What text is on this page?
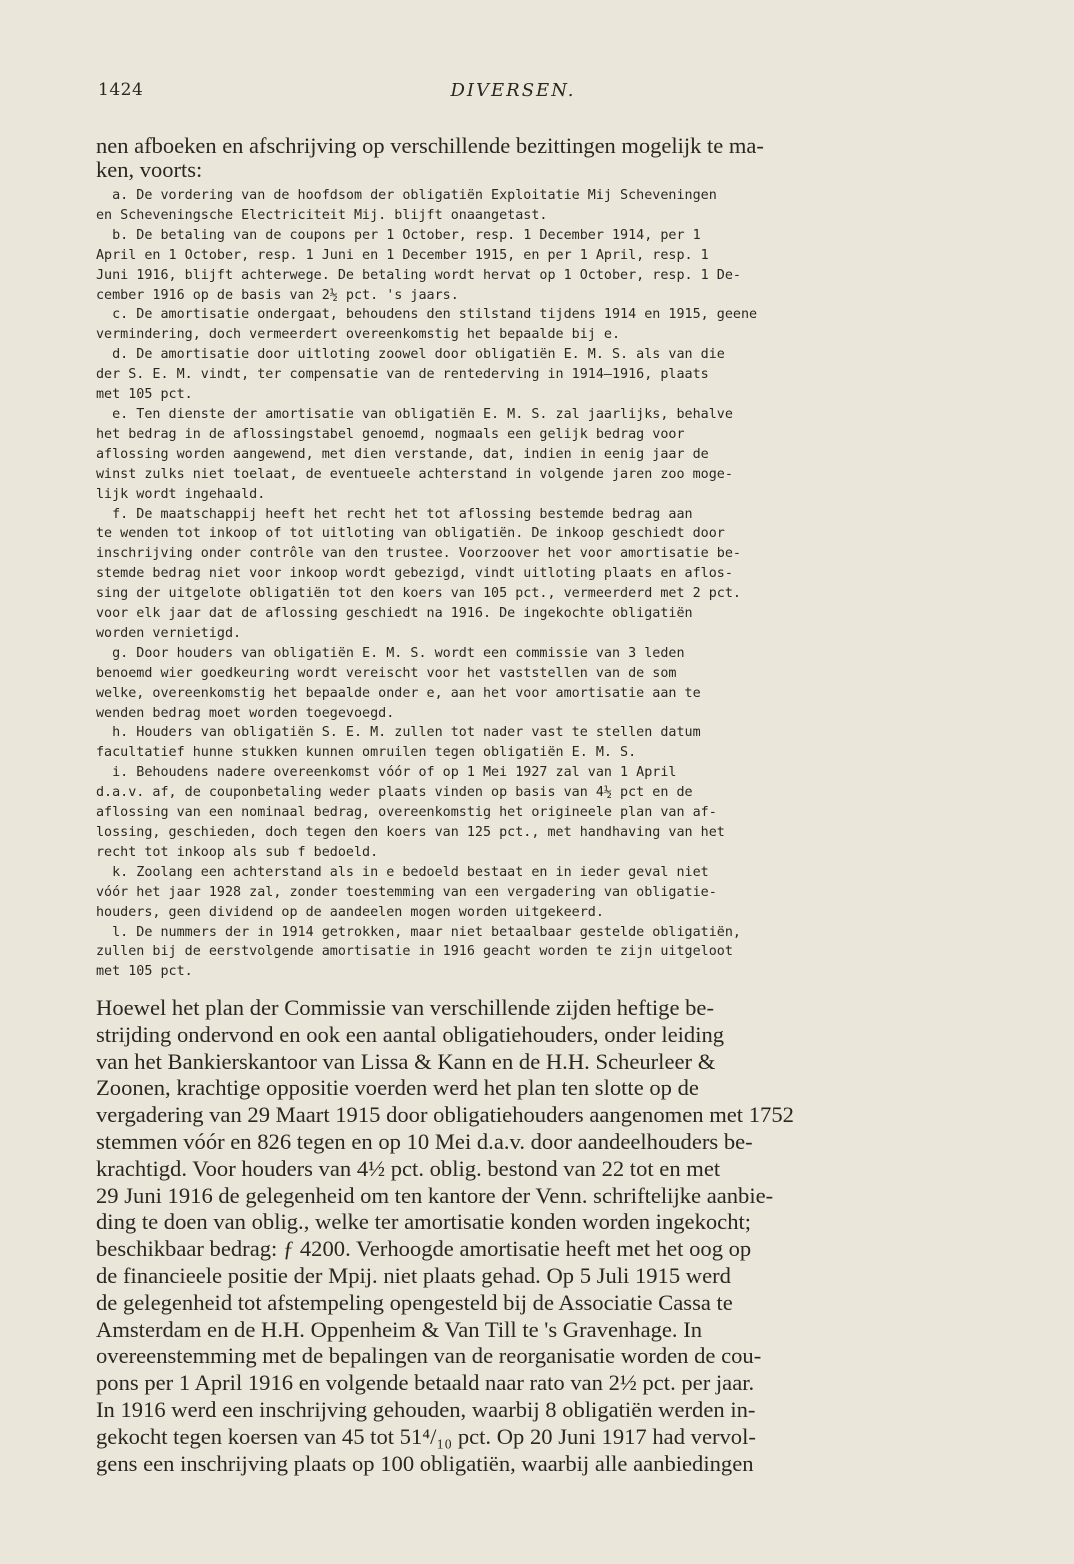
1424	DIVERSEN.

nen afboeken en afschrijving op verschillende bezittingen mogelijk te ma-

ken, voorts:

a. De vordering van de hoofdsom der obligatiën Exploitatie Mij Scheveningen

en Scheveningsche Electriciteit Mij. blijft onaangetast.

b. De betaling van de coupons per 1 October, resp. 1 December 1914, per 1

April en 1 October, resp. 1 Juni en 1 December 1915, en per 1 April, resp. 1

Juni 1916, blijft achterwege. De betaling wordt hervat op 1 October, resp. 1 De-

cember 1916 op de basis van 2½ pct. 's jaars.

c. De amortisatie ondergaat, behoudens den stilstand tijdens 1914 en 1915, geene

vermindering, doch vermeerdert overeenkomstig het bepaalde bij e.

d. De amortisatie door uitloting zoowel door obligatiën E. M. S. als van die

der S. E. M. vindt, ter compensatie van de rentederving in 1914—1916, plaats

met 105 pct.

e. Ten dienste der amortisatie van obligatiën E. M. S. zal jaarlijks, behalve

het bedrag in de aflossingstabel genoemd, nogmaals een gelijk bedrag voor

aflossing worden aangewend, met dien verstande, dat, indien in eenig jaar de

winst zulks niet toelaat, de eventueele achterstand in volgende jaren zoo moge-

lijk wordt ingehaald.

f. De maatschappij heeft het recht het tot aflossing bestemde bedrag aan

te wenden tot inkoop of tot uitloting van obligatiën. De inkoop geschiedt door

inschrijving onder contrôle van den trustee. Voorzoover het voor amortisatie be-

stemde bedrag niet voor inkoop wordt gebezigd, vindt uitloting plaats en aflos-

sing der uitgelote obligatiën tot den koers van 105 pct., vermeerderd met 2 pct.

voor elk jaar dat de aflossing geschiedt na 1916. De ingekochte obligatiën

worden vernietigd.

g. Door houders van obligatiën E. M. S. wordt een commissie van 3 leden

benoemd wier goedkeuring wordt vereischt voor het vaststellen van de som

welke, overeenkomstig het bepaalde onder e, aan het voor amortisatie aan te

wenden bedrag moet worden toegevoegd.

h. Houders van obligatiën S. E. M. zullen tot nader vast te stellen datum

facultatief hunne stukken kunnen omruilen tegen obligatiën E. M. S.

i. Behoudens nadere overeenkomst vóór of op 1 Mei 1927 zal van 1 April

d.a.v. af, de couponbetaling weder plaats vinden op basis van 4½ pct en de

aflossing van een nominaal bedrag, overeenkomstig het origineele plan van af-

lossing, geschieden, doch tegen den koers van 125 pct., met handhaving van het

recht tot inkoop als sub f bedoeld.

k. Zoolang een achterstand als in e bedoeld bestaat en in ieder geval niet

vóór het jaar 1928 zal, zonder toestemming van een vergadering van obligatie-

houders, geen dividend op de aandeelen mogen worden uitgekeerd.

l. De nummers der in 1914 getrokken, maar niet betaalbaar gestelde obligatiën,

zullen bij de eerstvolgende amortisatie in 1916 geacht worden te zijn uitgeloot

met 105 pct.

Hoewel het plan der Commissie van verschillende zijden heftige be-

strijding ondervond en ook een aantal obligatiehouders, onder leiding

van het Bankierskantoor van Lissa & Kann en de H.H. Scheurleer &

Zoonen, krachtige oppositie voerden werd het plan ten slotte op de

vergadering van 29 Maart 1915 door obligatiehouders aangenomen met 1752

stemmen vóór en 826 tegen en op 10 Mei d.a.v. door aandeelhouders be-

krachtigd. Voor houders van 4½ pct. oblig. bestond van 22 tot en met

29 Juni 1916 de gelegenheid om ten kantore der Venn. schriftelijke aanbie-

ding te doen van oblig., welke ter amortisatie konden worden ingekocht;

beschikbaar bedrag: ƒ 4200. Verhoogde amortisatie heeft met het oog op

de financieele positie der Mpij. niet plaats gehad. Op 5 Juli 1915 werd

de gelegenheid tot afstempeling opengesteld bij de Associatie Cassa te

Amsterdam en de H.H. Oppenheim & Van Till te 's Gravenhage. In

overeenstemming met de bepalingen van de reorganisatie worden de cou-

pons per 1 April 1916 en volgende betaald naar rato van 2½ pct. per jaar.

In 1916 werd een inschrijving gehouden, waarbij 8 obligatiën werden in-

gekocht tegen koersen van 45 tot 51⁴/₁₀ pct. Op 20 Juni 1917 had vervol-

gens een inschrijving plaats op 100 obligatiën, waarbij alle aanbiedingen
